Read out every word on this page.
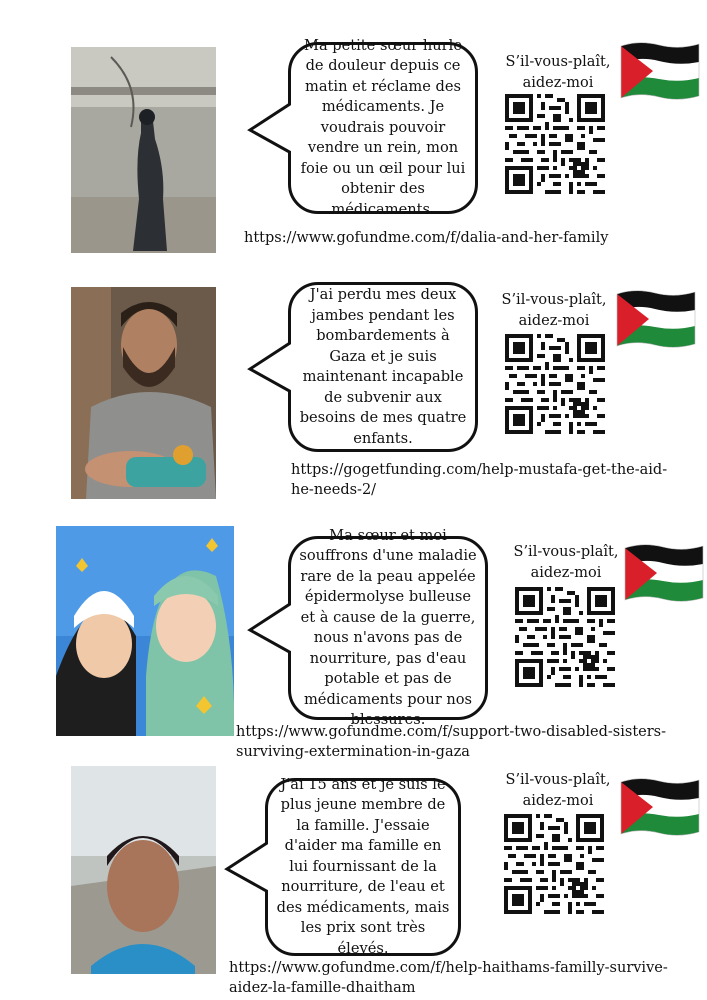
Ma petite sœur hurle de douleur depuis ce matin et réclame des médicaments. Je voudrais pouvoir vendre un rein, mon foie ou un œil pour lui obtenir des médicaments.
S’il-vous-plaît, aidez-moi
https://www.gofundme.com/f/dalia-and-her-family
J'ai perdu mes deux jambes pendant les bombardements à Gaza et je suis maintenant incapable de subvenir aux besoins de mes quatre enfants.
S’il-vous-plaît, aidez-moi
https://gogetfunding.com/help-mustafa-get-the-aid-he-needs-2/
Ma sœur et moi souffrons d'une maladie rare de la peau appelée épidermolyse bulleuse et à cause de la guerre, nous n'avons pas de nourriture, pas d'eau potable et pas de médicaments pour nos blessures.
S’il-vous-plaît, aidez-moi
https://www.gofundme.com/f/support-two-disabled-sisters-surviving-extermination-in-gaza
J'ai 15 ans et je suis le plus jeune membre de la famille. J'essaie d'aider ma famille en lui fournissant de la nourriture, de l'eau et des médicaments, mais les prix sont très élevés.
S’il-vous-plaît, aidez-moi
https://www.gofundme.com/f/help-haithams-familly-survive-aidez-la-famille-dhaitham
